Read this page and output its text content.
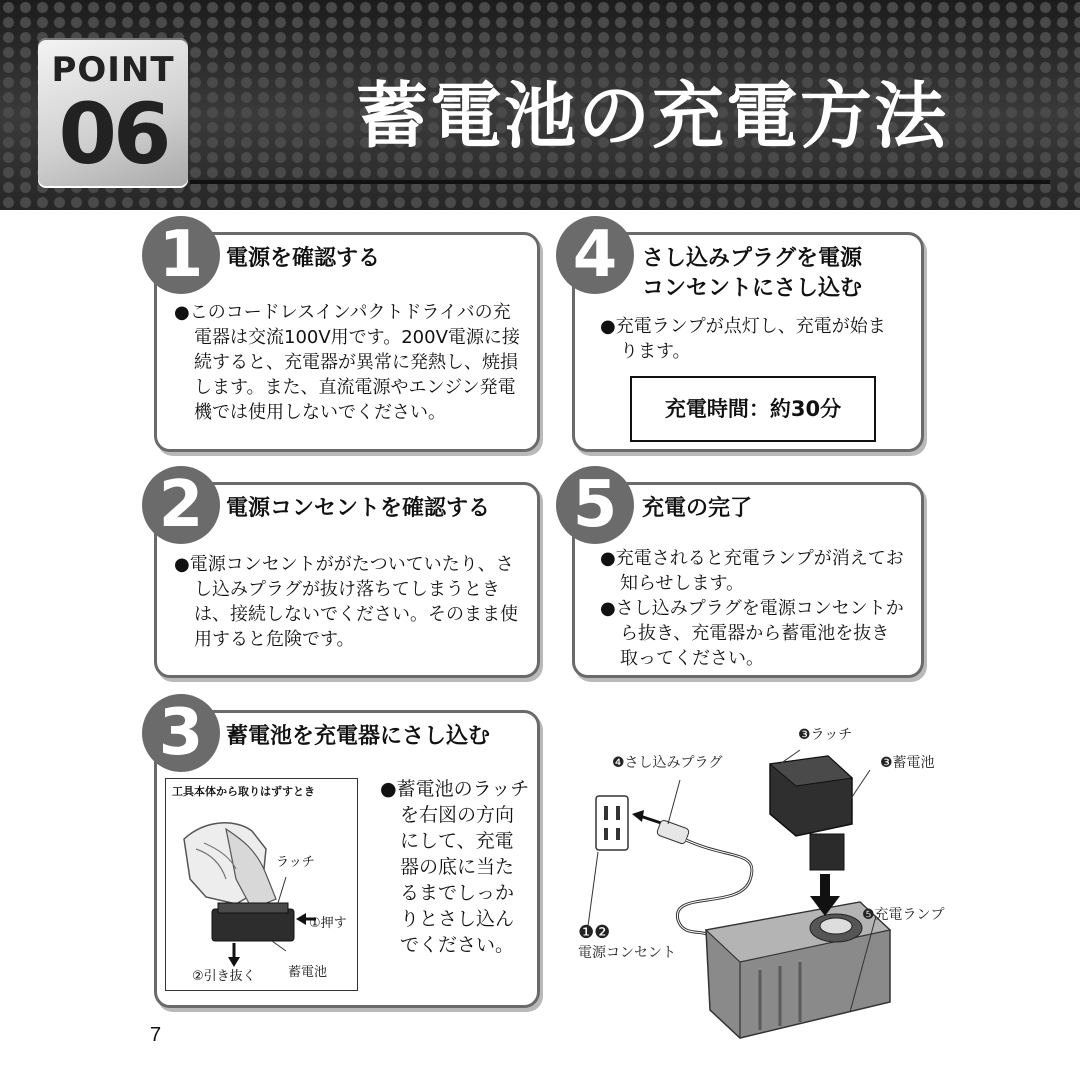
POINT
06	蓄電池の充電方法
1	電源を確認する

●このコードレスインパクトドライバの充電器は交流100V用です。200V電源に接続すると、充電器が異常に発熱し、焼損します。また、直流電源やエンジン発電機では使用しないでください。

4	さし込みプラグを電源
コンセントにさし込む

●充電ランプが点灯し、充電が始まります。

充電時間：約30分
2	電源コンセントを確認する

●電源コンセントががたついていたり、さし込みプラグが抜け落ちてしまうときは、接続しないでください。そのまま使用すると危険です。

5	充電の完了

●充電されると充電ランプが消えてお知らせします。

●さし込みプラグを電源コンセントから抜き、充電器から蓄電池を抜き取ってください。

3	蓄電池を充電器にさし込む

●蓄電池のラッチを右図の方向にして、充電器の底に当たるまでしっかりとさし込んでください。

工具本体から取りはずすとき
ラッチ
①押す
②引き抜く 蓄電池
❸ラッチ
❸蓄電池
❹さし込みプラグ
❺充電ランプ
❶❷
電源コンセント
7
